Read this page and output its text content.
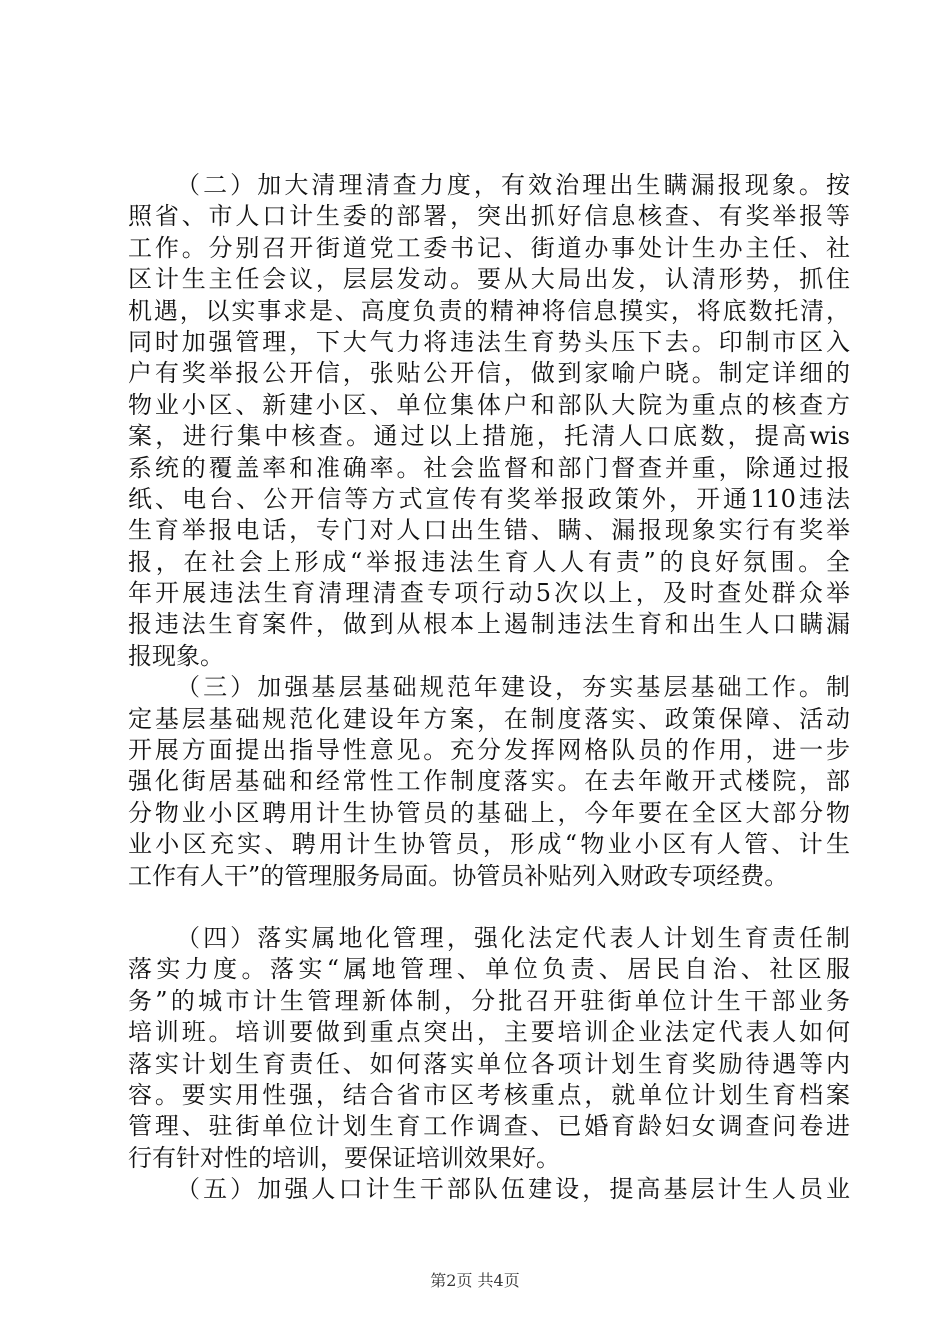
（二）加大清理清查力度，有效治理出生瞒漏报现象。按
照省、市人口计生委的部署，突出抓好信息核查、有奖举报等
工作。分别召开街道党工委书记、街道办事处计生办主任、社
区计生主任会议，层层发动。要从大局出发，认清形势，抓住
机遇，以实事求是、高度负责的精神将信息摸实，将底数托清，
同时加强管理，下大气力将违法生育势头压下去。印制市区入
户有奖举报公开信，张贴公开信，做到家喻户晓。制定详细的
物业小区、新建小区、单位集体户和部队大院为重点的核查方
案，进行集中核查。通过以上措施，托清人口底数，提高wis
系统的覆盖率和准确率。社会监督和部门督查并重，除通过报
纸、电台、公开信等方式宣传有奖举报政策外，开通110违法
生育举报电话，专门对人口出生错、瞒、漏报现象实行有奖举
报，在社会上形成“举报违法生育人人有责”的良好氛围。全
年开展违法生育清理清查专项行动5次以上，及时查处群众举
报违法生育案件，做到从根本上遏制违法生育和出生人口瞒漏
报现象。
（三）加强基层基础规范年建设，夯实基层基础工作。制
定基层基础规范化建设年方案，在制度落实、政策保障、活动
开展方面提出指导性意见。充分发挥网格队员的作用，进一步
强化街居基础和经常性工作制度落实。在去年敞开式楼院，部
分物业小区聘用计生协管员的基础上，今年要在全区大部分物
业小区充实、聘用计生协管员，形成“物业小区有人管、计生
工作有人干”的管理服务局面。协管员补贴列入财政专项经费。
（四）落实属地化管理，强化法定代表人计划生育责任制
落实力度。落实“属地管理、单位负责、居民自治、社区服
务”的城市计生管理新体制，分批召开驻街单位计生干部业务
培训班。培训要做到重点突出，主要培训企业法定代表人如何
落实计划生育责任、如何落实单位各项计划生育奖励待遇等内
容。要实用性强，结合省市区考核重点，就单位计划生育档案
管理、驻街单位计划生育工作调查、已婚育龄妇女调查问卷进
行有针对性的培训，要保证培训效果好。
（五）加强人口计生干部队伍建设，提高基层计生人员业
第2页 共4页
